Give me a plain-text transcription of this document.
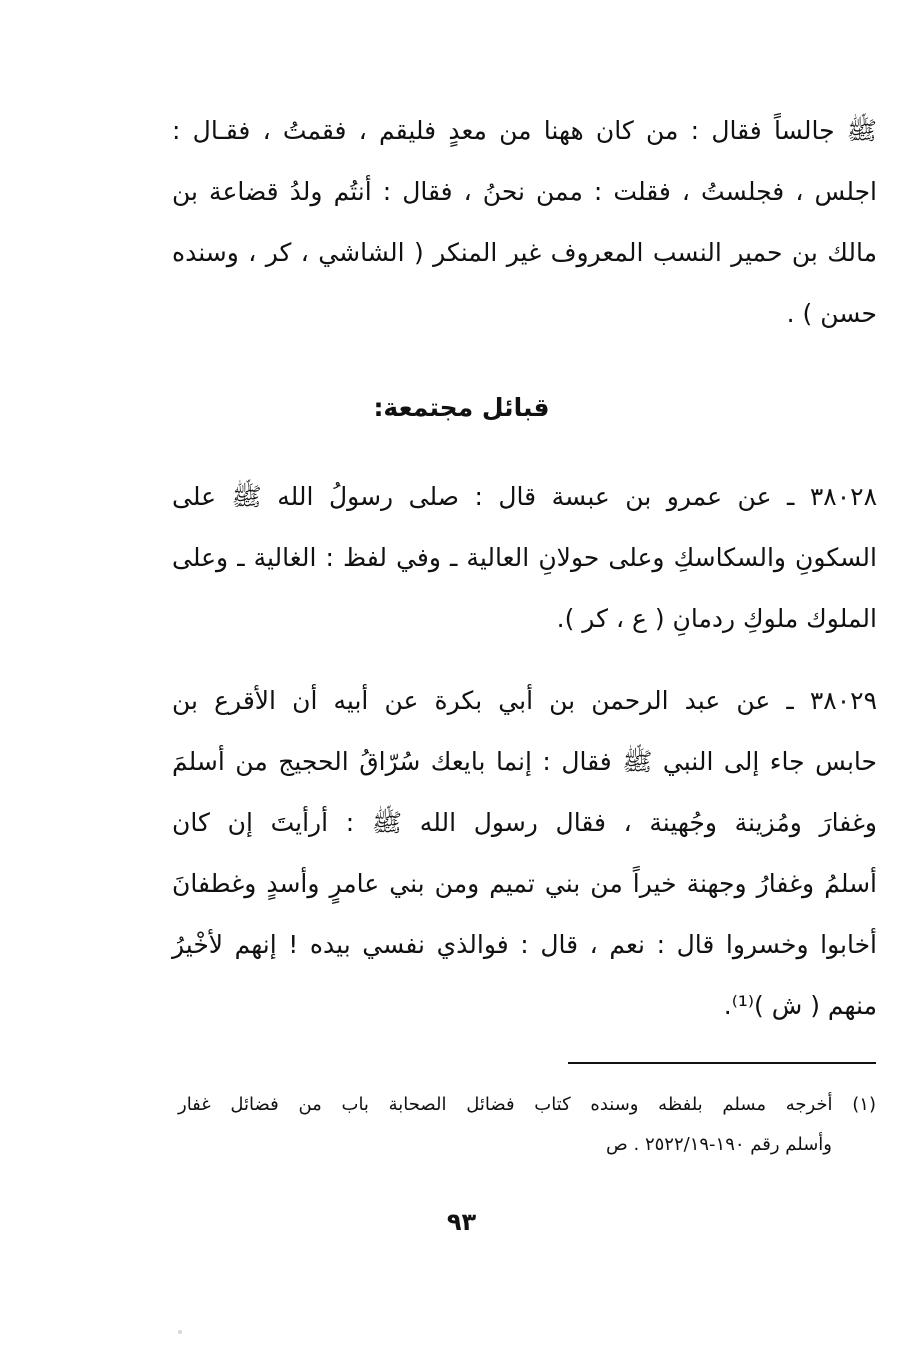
ﷺ جالساً فقال : من كان ههنا من معدٍ فليقم ، فقمتُ ، فقـال :
اجلس ، فجلستُ ، فقلت : ممن نحنُ ، فقال : أنتُم ولدُ قضاعة بن
مالك بن حمير النسب المعروف غير المنكر ( الشاشي ، كر ، وسنده
حسن ) .
قبائل مجتمعة:
٣٨٠٢٨ ـ عن عمرو بن عبسة قال : صلى رسولُ الله ﷺ على
السكونِ والسكاسكِ وعلى حولانِ العالية ـ وفي لفظ : الغالية ـ وعلى
الملوك ملوكِ ردمانِ ( ع ، كر ).
٣٨٠٢٩ ـ عن عبد الرحمن بن أبي بكرة عن أبيه أن الأقرع بن
حابس جاء إلى النبي ﷺ فقال : إنما بايعك سُرّاقُ الحجيج من أسلمَ
وغفارَ ومُزينة وجُهينة ، فقال رسول الله ﷺ : أرأيتَ إن كان
أسلمُ وغفارُ وجهنة خيراً من بني تميم ومن بني عامرٍ وأسدٍ وغطفانَ
أخابوا وخسروا قال : نعم ، قال : فوالذي نفسي بيده ! إنهم لأخْيرُ
منهم ( ش )⁽¹⁾.
(١) أخرجه مسلم بلفظه وسنده كتاب فضائل الصحابة باب من فضائل غفار
وأسلم رقم ١٩٠-٢٥٢٢/١٩ . ص
٩٣
